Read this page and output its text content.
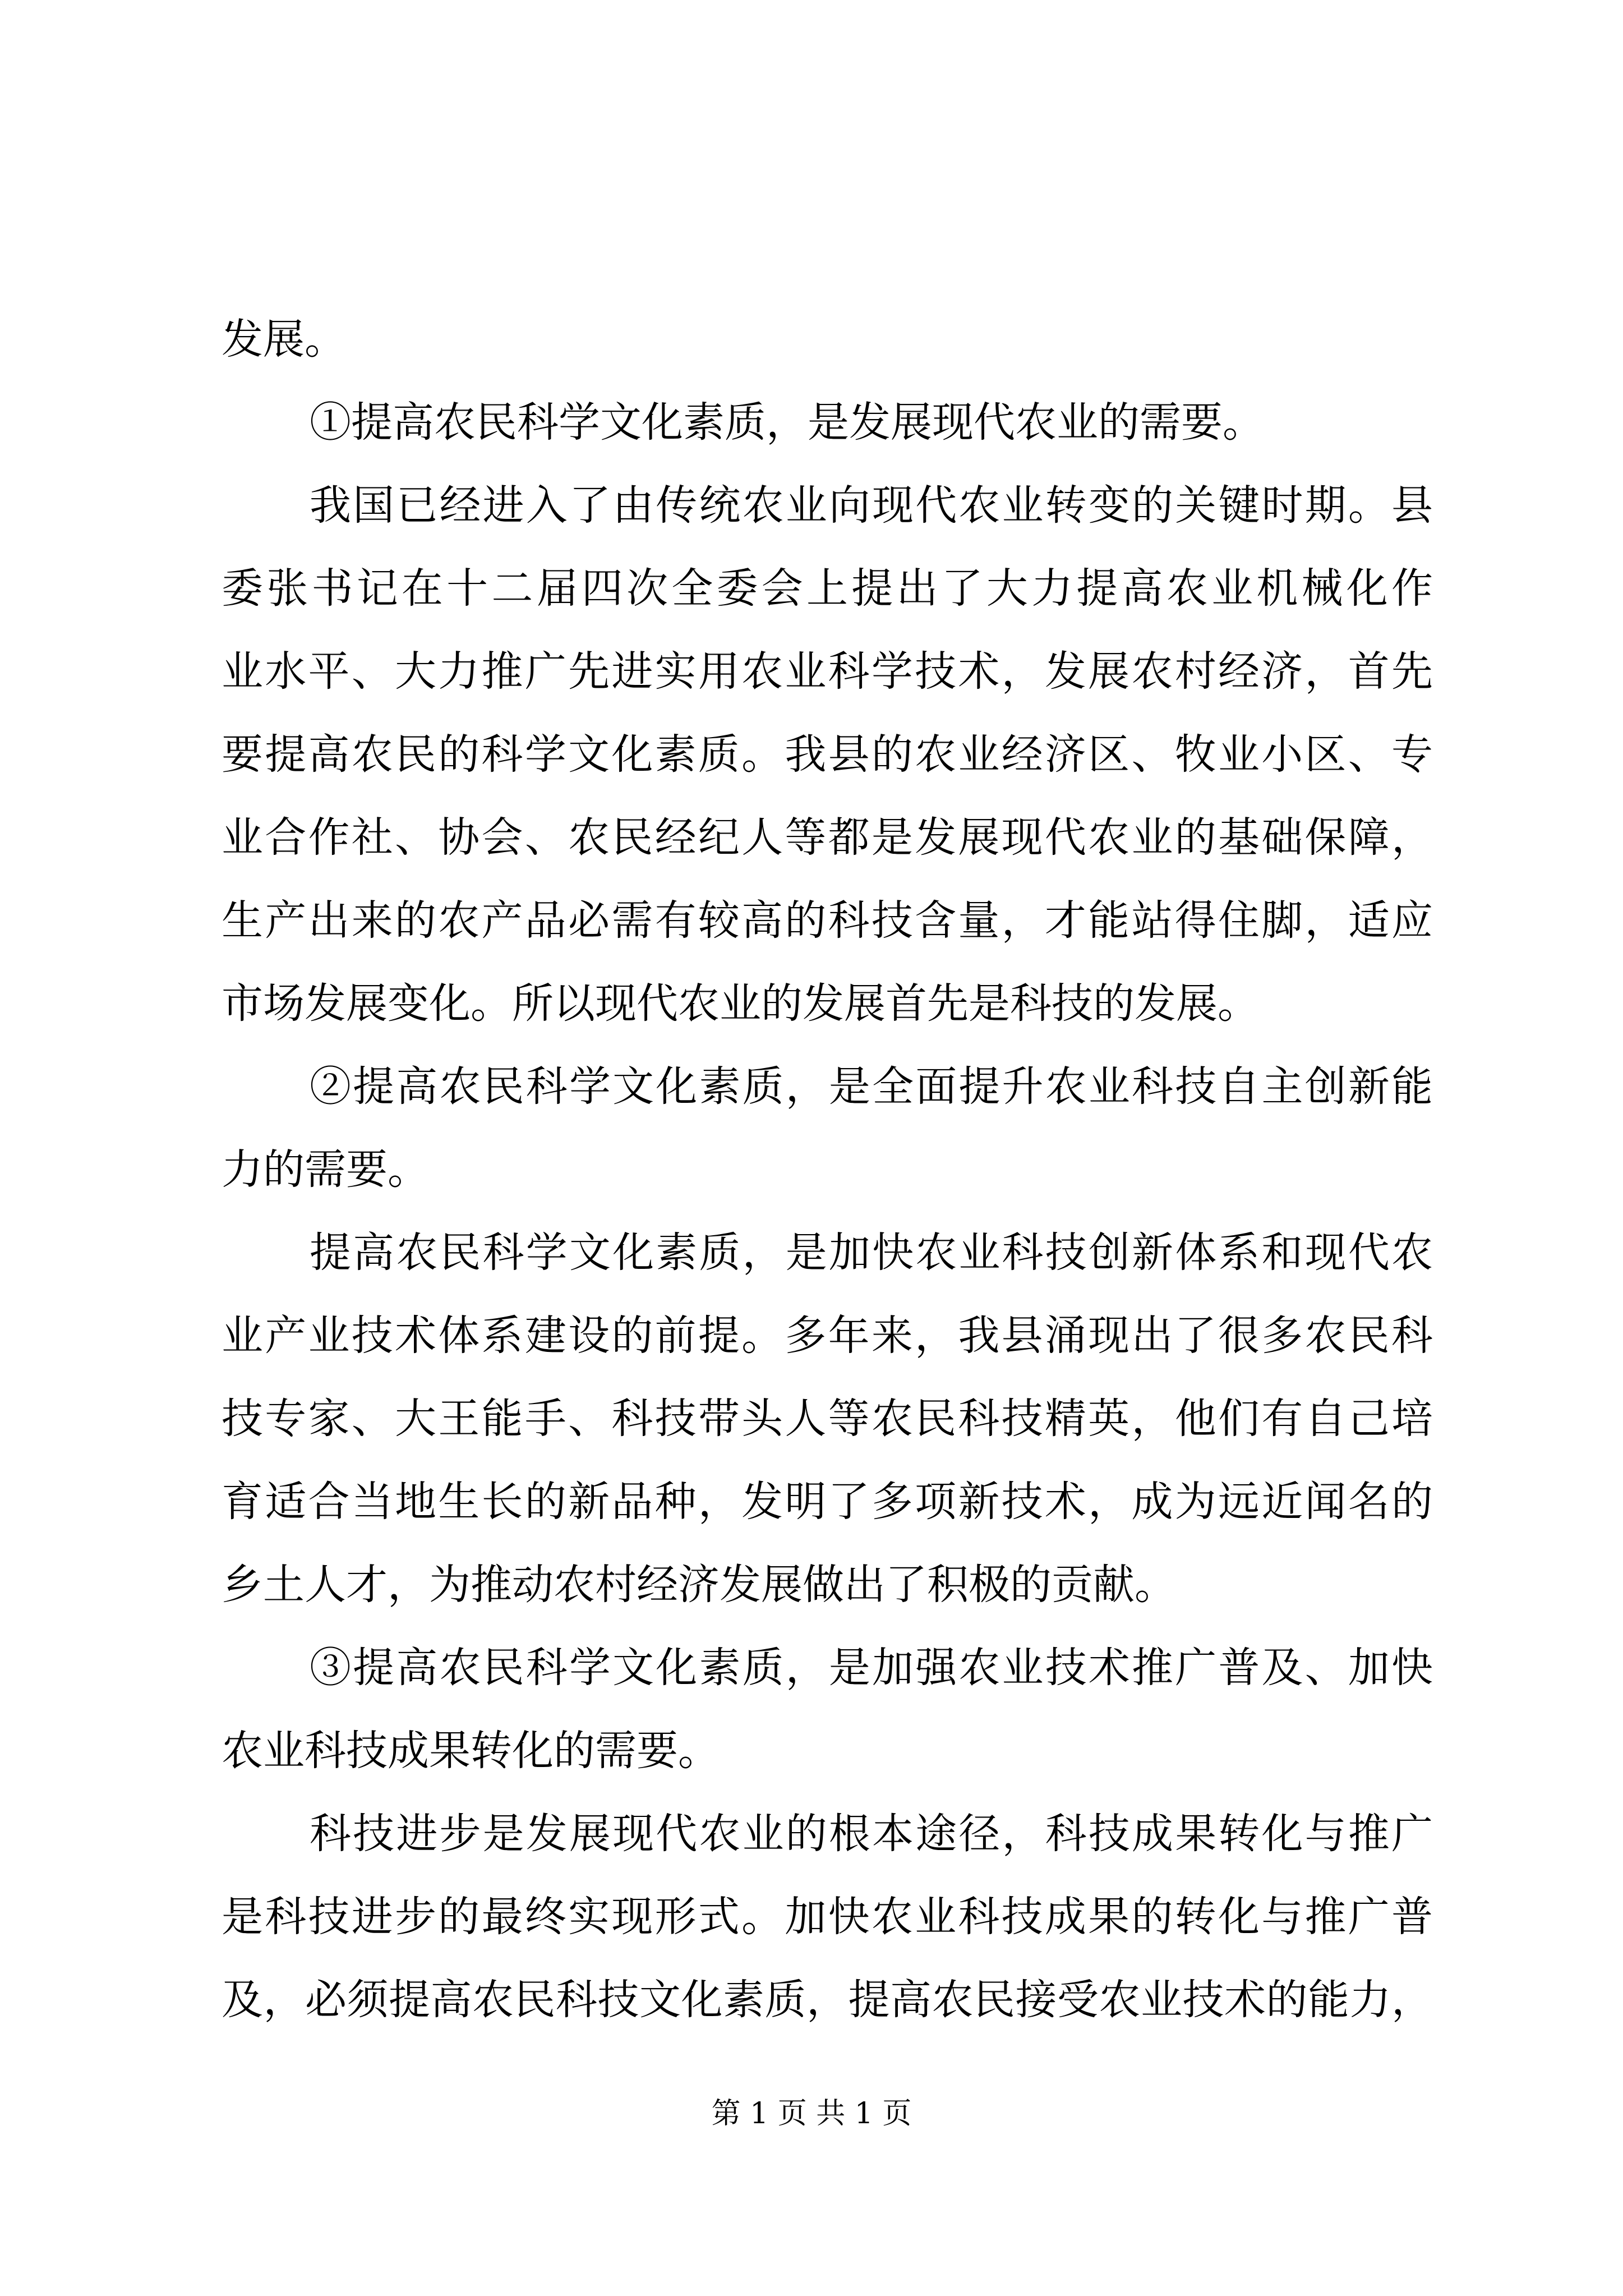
发展。
①提高农民科学文化素质，是发展现代农业的需要。
我国已经进入了由传统农业向现代农业转变的关键时期。县
委张书记在十二届四次全委会上提出了大力提高农业机械化作
业水平、大力推广先进实用农业科学技术，发展农村经济，首先
要提高农民的科学文化素质。我县的农业经济区、牧业小区、专
业合作社、协会、农民经纪人等都是发展现代农业的基础保障，
生产出来的农产品必需有较高的科技含量，才能站得住脚，适应
市场发展变化。所以现代农业的发展首先是科技的发展。
②提高农民科学文化素质，是全面提升农业科技自主创新能
力的需要。
提高农民科学文化素质，是加快农业科技创新体系和现代农
业产业技术体系建设的前提。多年来，我县涌现出了很多农民科
技专家、大王能手、科技带头人等农民科技精英，他们有自己培
育适合当地生长的新品种，发明了多项新技术，成为远近闻名的
乡土人才，为推动农村经济发展做出了积极的贡献。
③提高农民科学文化素质，是加强农业技术推广普及、加快
农业科技成果转化的需要。
科技进步是发展现代农业的根本途径，科技成果转化与推广
是科技进步的最终实现形式。加快农业科技成果的转化与推广普
及，必须提高农民科技文化素质，提高农民接受农业技术的能力，
第 1 页 共 1 页
